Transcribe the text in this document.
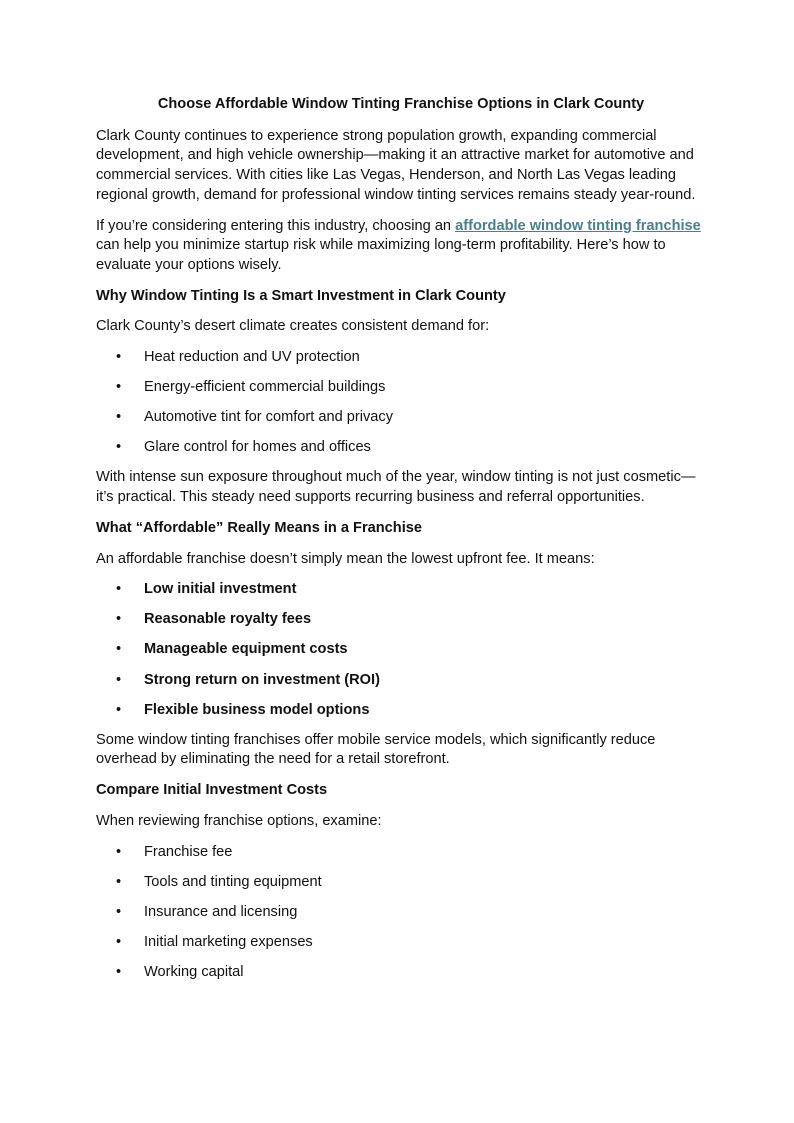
Choose Affordable Window Tinting Franchise Options in Clark County

Clark County continues to experience strong population growth, expanding commercial development, and high vehicle ownership—making it an attractive market for automotive and commercial services. With cities like Las Vegas, Henderson, and North Las Vegas leading regional growth, demand for professional window tinting services remains steady year-round.

If you’re considering entering this industry, choosing an affordable window tinting franchise can help you minimize startup risk while maximizing long-term profitability. Here’s how to evaluate your options wisely.

Why Window Tinting Is a Smart Investment in Clark County

Clark County’s desert climate creates consistent demand for:

• Heat reduction and UV protection
• Energy-efficient commercial buildings
• Automotive tint for comfort and privacy
• Glare control for homes and offices

With intense sun exposure throughout much of the year, window tinting is not just cosmetic—it’s practical. This steady need supports recurring business and referral opportunities.

What “Affordable” Really Means in a Franchise

An affordable franchise doesn’t simply mean the lowest upfront fee. It means:

• Low initial investment
• Reasonable royalty fees
• Manageable equipment costs
• Strong return on investment (ROI)
• Flexible business model options

Some window tinting franchises offer mobile service models, which significantly reduce overhead by eliminating the need for a retail storefront.

Compare Initial Investment Costs

When reviewing franchise options, examine:

• Franchise fee
• Tools and tinting equipment
• Insurance and licensing
• Initial marketing expenses
• Working capital
